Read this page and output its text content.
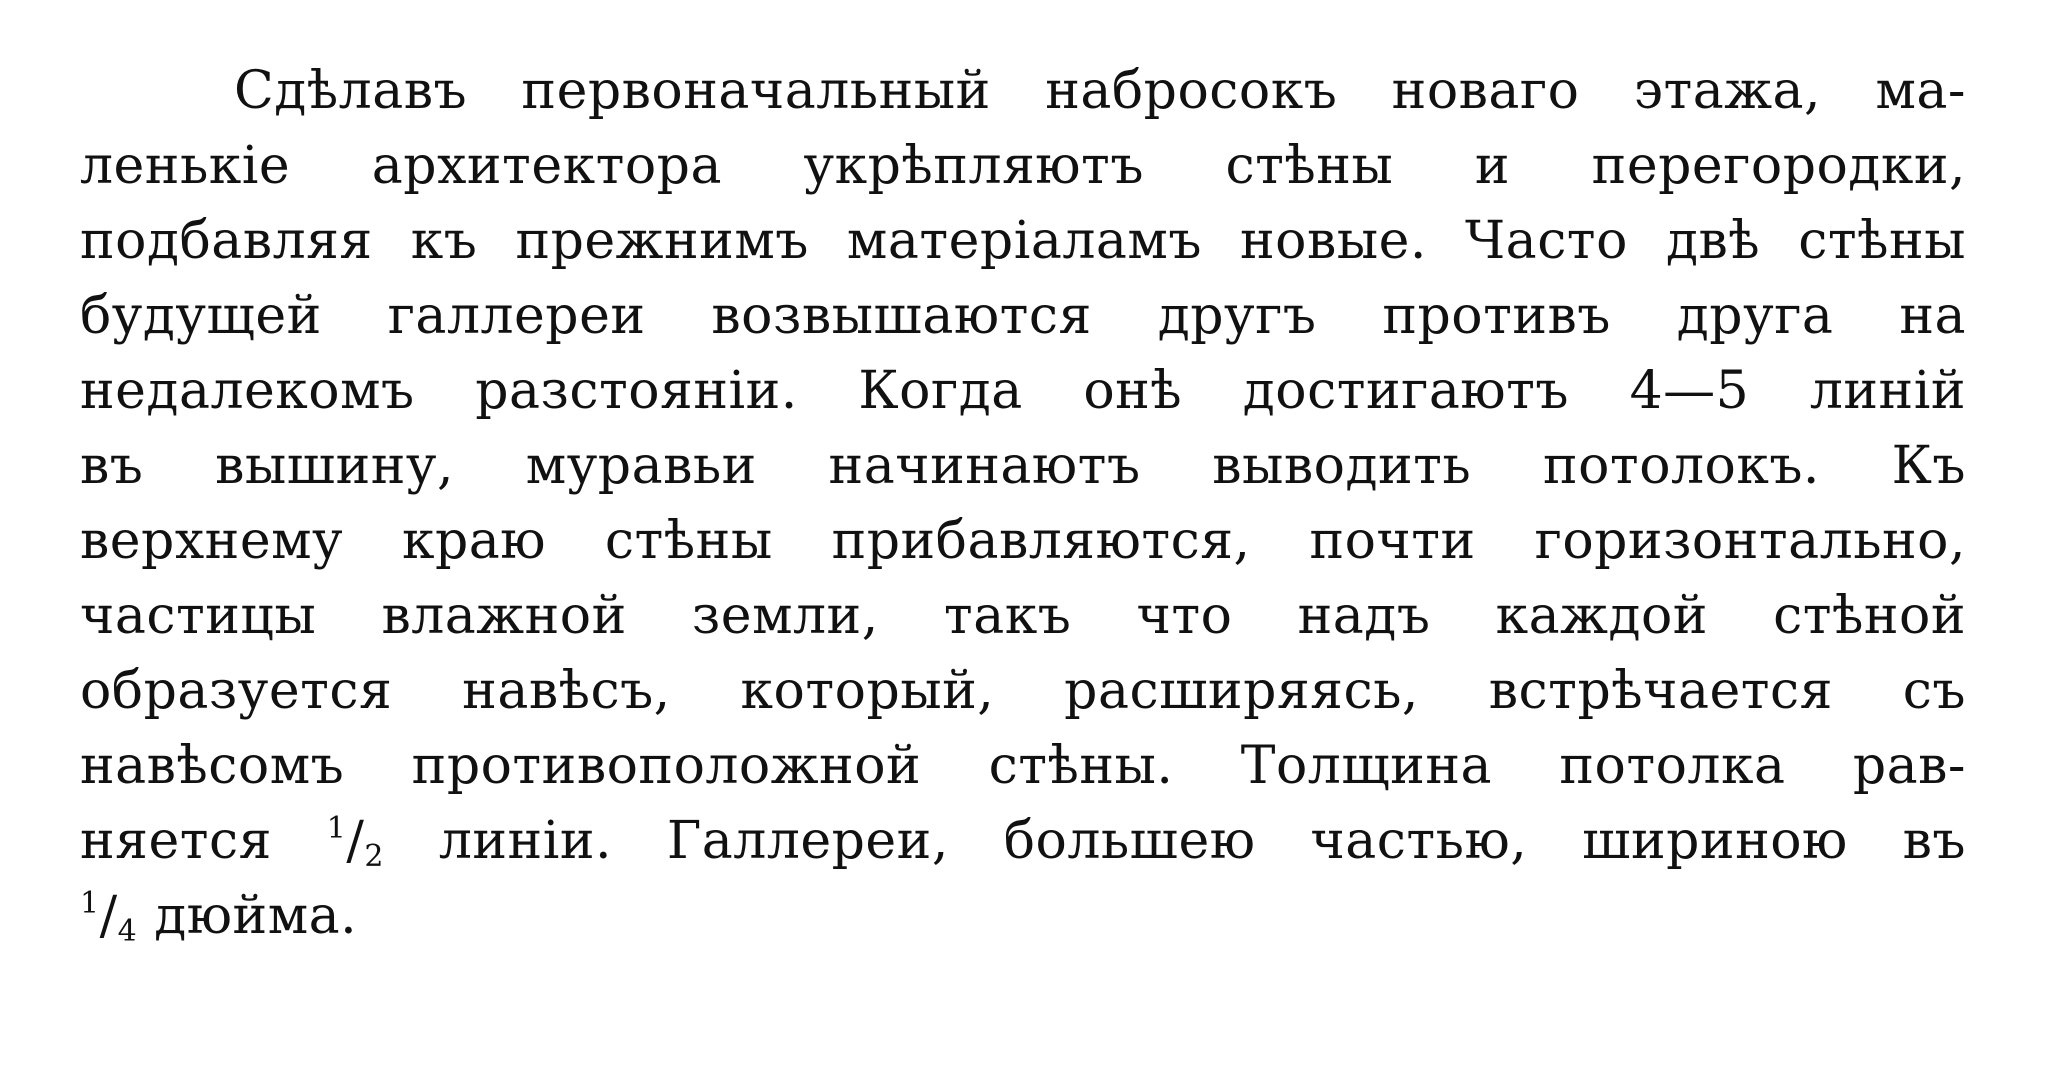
Сдѣлавъ первоначальный набросокъ новаго этажа, ма-
ленькіе архитектора укрѣпляютъ стѣны и перегородки,
подбавляя къ прежнимъ матеріаламъ новые. Часто двѣ стѣны
будущей галлереи возвышаются другъ противъ друга на
недалекомъ разстояніи. Когда онѣ достигаютъ 4—5 линій
въ вышину, муравьи начинаютъ выводить потолокъ. Къ
верхнему краю стѣны прибавляются, почти горизонтально,
частицы влажной земли, такъ что надъ каждой стѣной
образуется навѣсъ, который, расширяясь, встрѣчается съ
навѣсомъ противоположной стѣны. Толщина потолка рав-
няется $^1/_2$ линіи. Галлереи, большею частью, шириною въ
$^1/_4$ дюйма.
